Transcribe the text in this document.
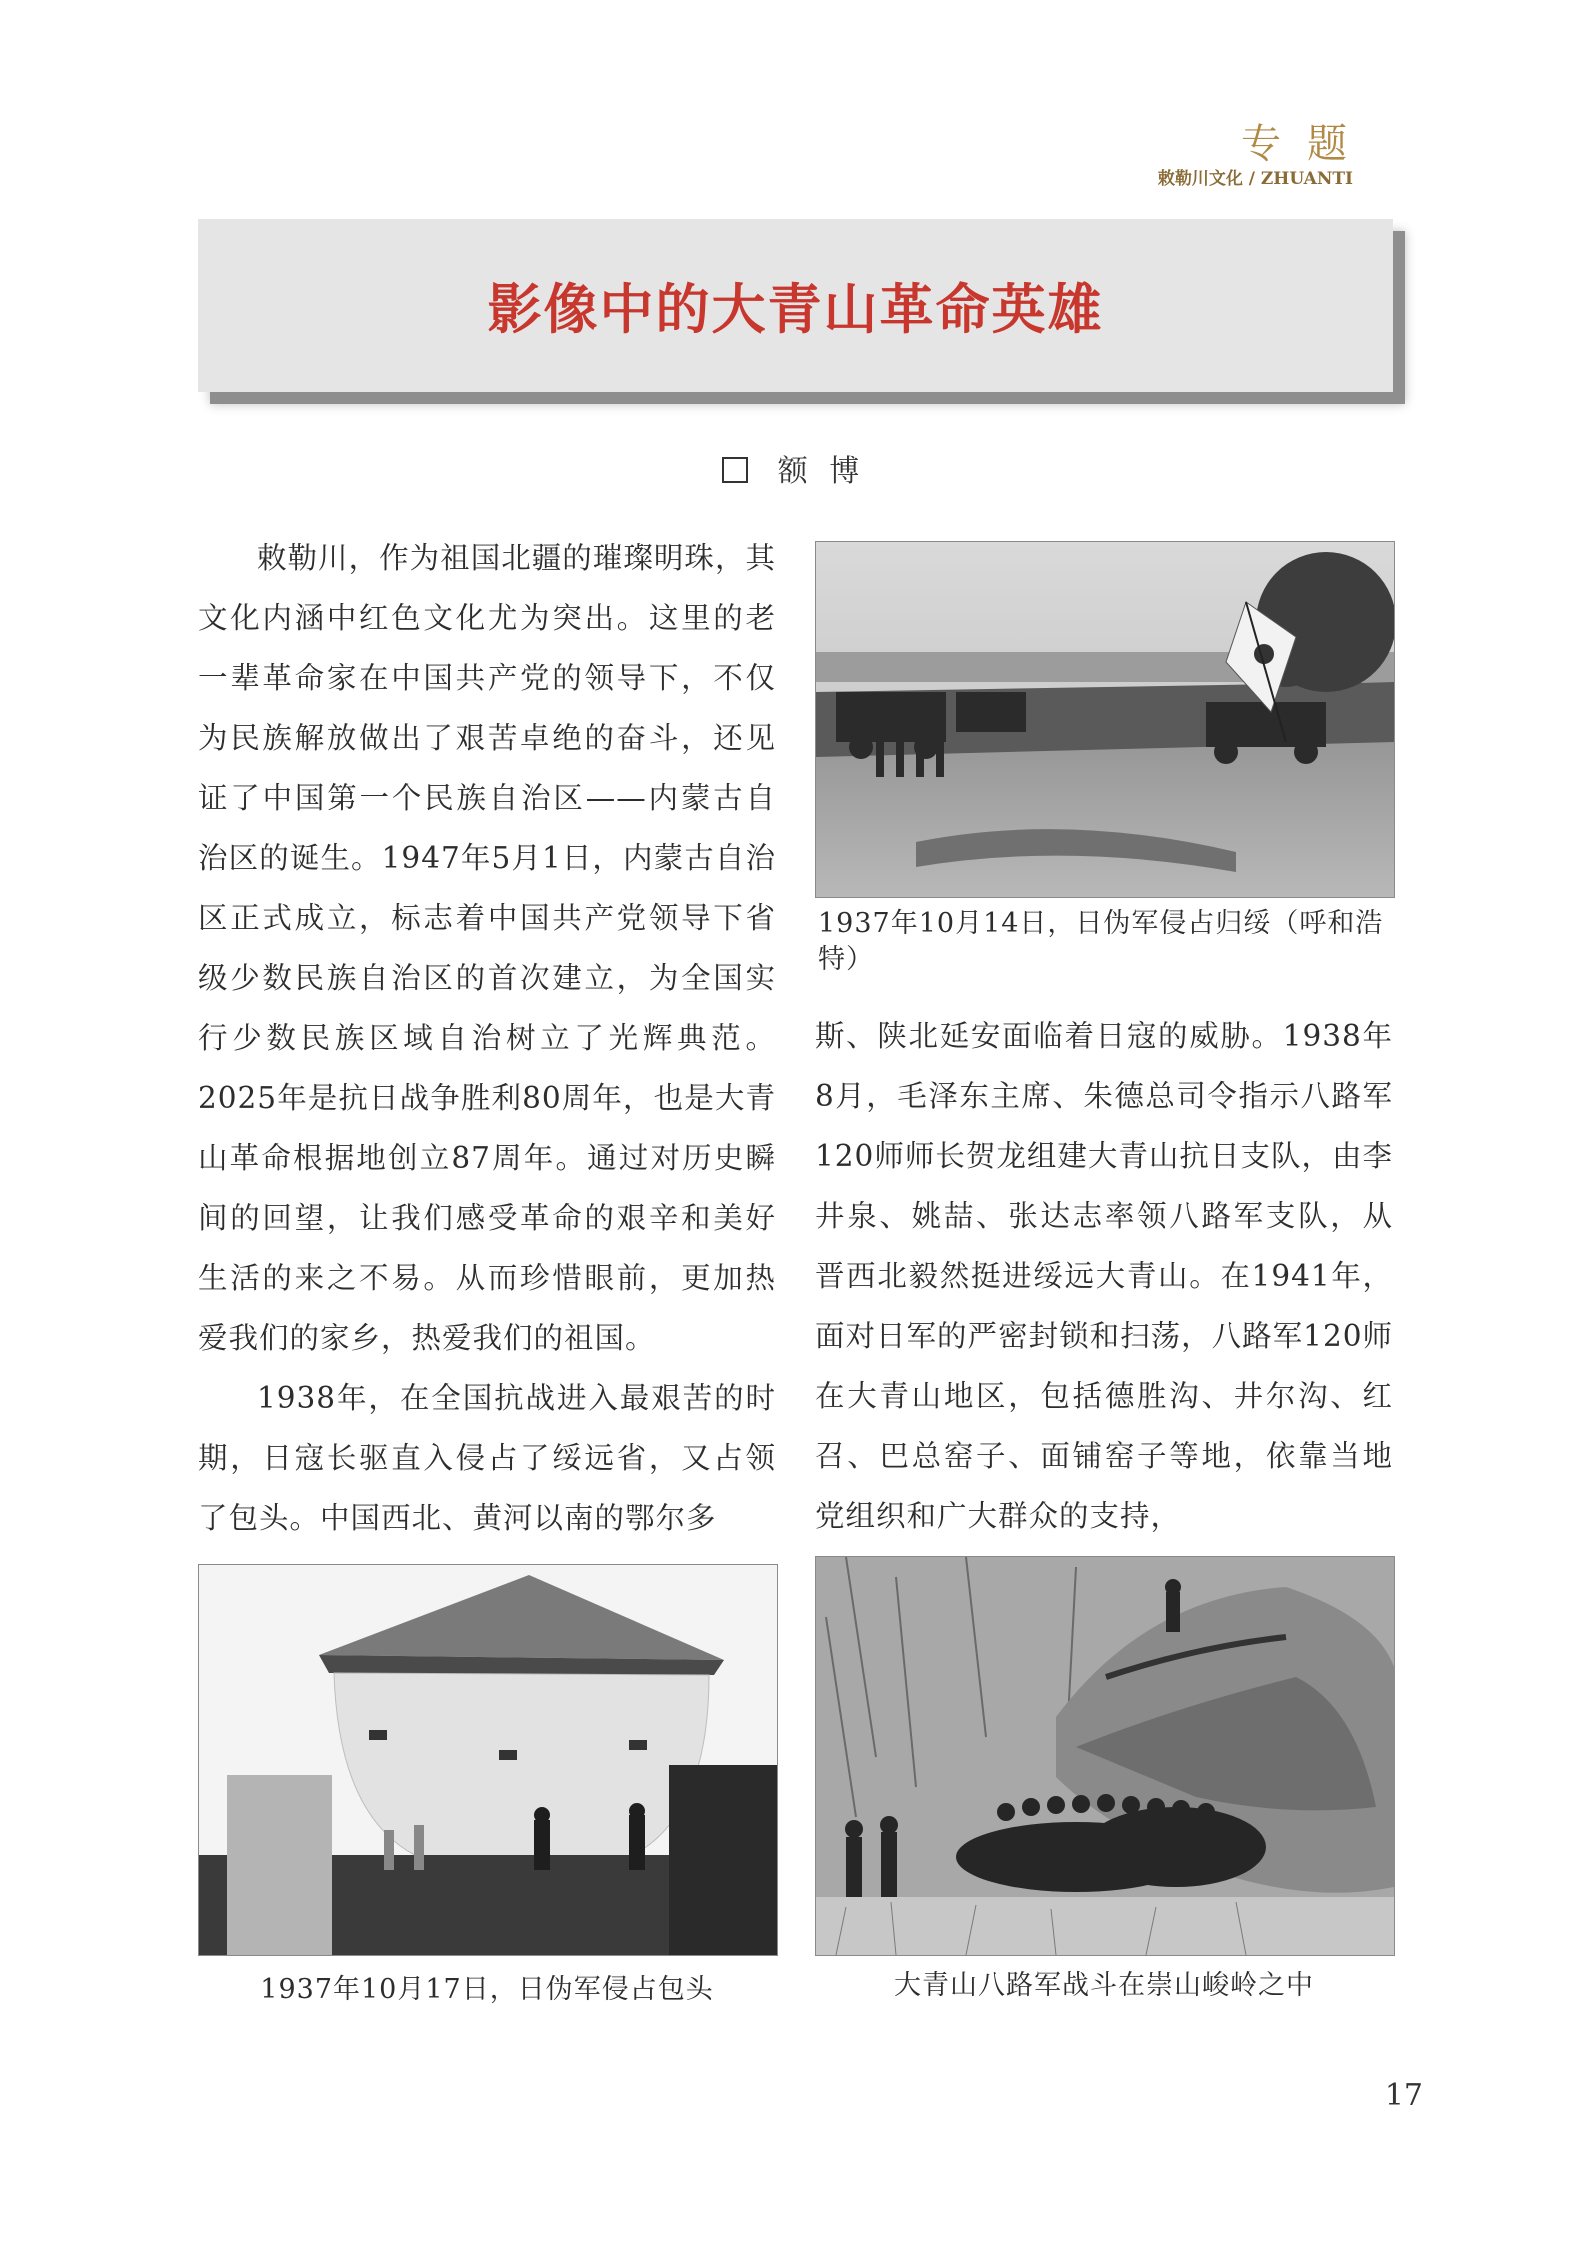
专题
敕勒川文化 / ZHUANTI
影像中的大青山革命英雄
额 博

敕勒川，作为祖国北疆的璀璨明珠，其文化内涵中红色文化尤为突出。这里的老一辈革命家在中国共产党的领导下，不仅为民族解放做出了艰苦卓绝的奋斗，还见证了中国第一个民族自治区——内蒙古自治区的诞生。1947年5月1日，内蒙古自治区正式成立，标志着中国共产党领导下省级少数民族自治区的首次建立，为全国实行少数民族区域自治树立了光辉典范。2025年是抗日战争胜利80周年，也是大青山革命根据地创立87周年。通过对历史瞬间的回望，让我们感受革命的艰辛和美好生活的来之不易。从而珍惜眼前，更加热爱我们的家乡，热爱我们的祖国。

1938年，在全国抗战进入最艰苦的时期，日寇长驱直入侵占了绥远省，又占领了包头。中国西北、黄河以南的鄂尔多

斯、陕北延安面临着日寇的威胁。1938年8月，毛泽东主席、朱德总司令指示八路军120师师长贺龙组建大青山抗日支队，由李井泉、姚喆、张达志率领八路军支队，从晋西北毅然挺进绥远大青山。在1941年，面对日军的严密封锁和扫荡，八路军120师在大青山地区，包括德胜沟、井尔沟、红召、巴总窑子、面铺窑子等地，依靠当地党组织和广大群众的支持，

1937年10月14日，日伪军侵占归绥（呼和浩特）
1937年10月17日，日伪军侵占包头	大青山八路军战斗在崇山峻岭之中
17
